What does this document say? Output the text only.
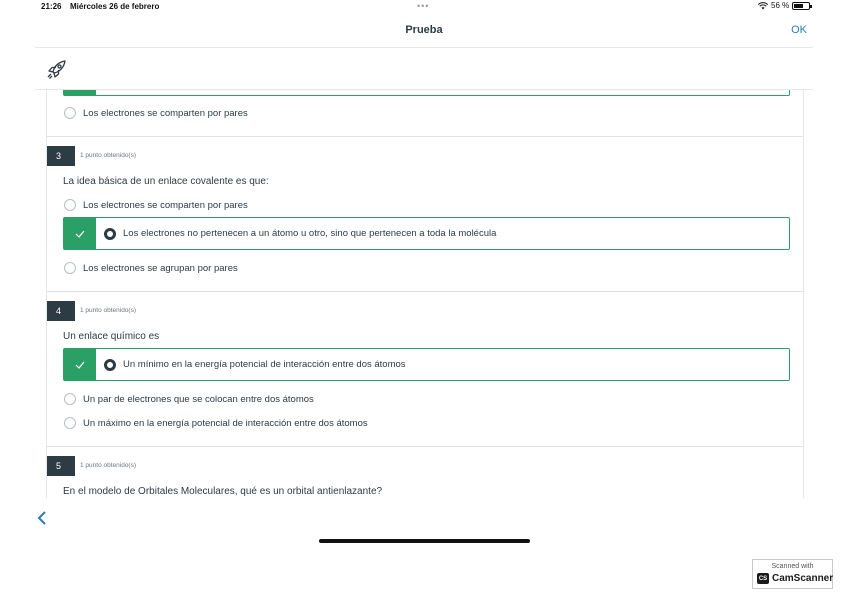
21:26 Miércoles 26 de febrero	•••	56 %
Prueba	OK
Los electrones se comparten por pares
3	1 punto obtenido(s)
La idea básica de un enlace covalente es que:
Los electrones se comparten por pares
Los electrones no pertenecen a un átomo u otro, sino que pertenecen a toda la molécula
Los electrones se agrupan por pares
4	1 punto obtenido(s)
Un enlace químico es
Un mínimo en la energía potencial de interacción entre dos átomos
Un par de electrones que se colocan entre dos átomos
Un máximo en la energía potencial de interacción entre dos átomos
5	1 punto obtenido(s)
En el modelo de Orbitales Moleculares, qué es un orbital antienlazante?
Scanned with
CS CamScanner
